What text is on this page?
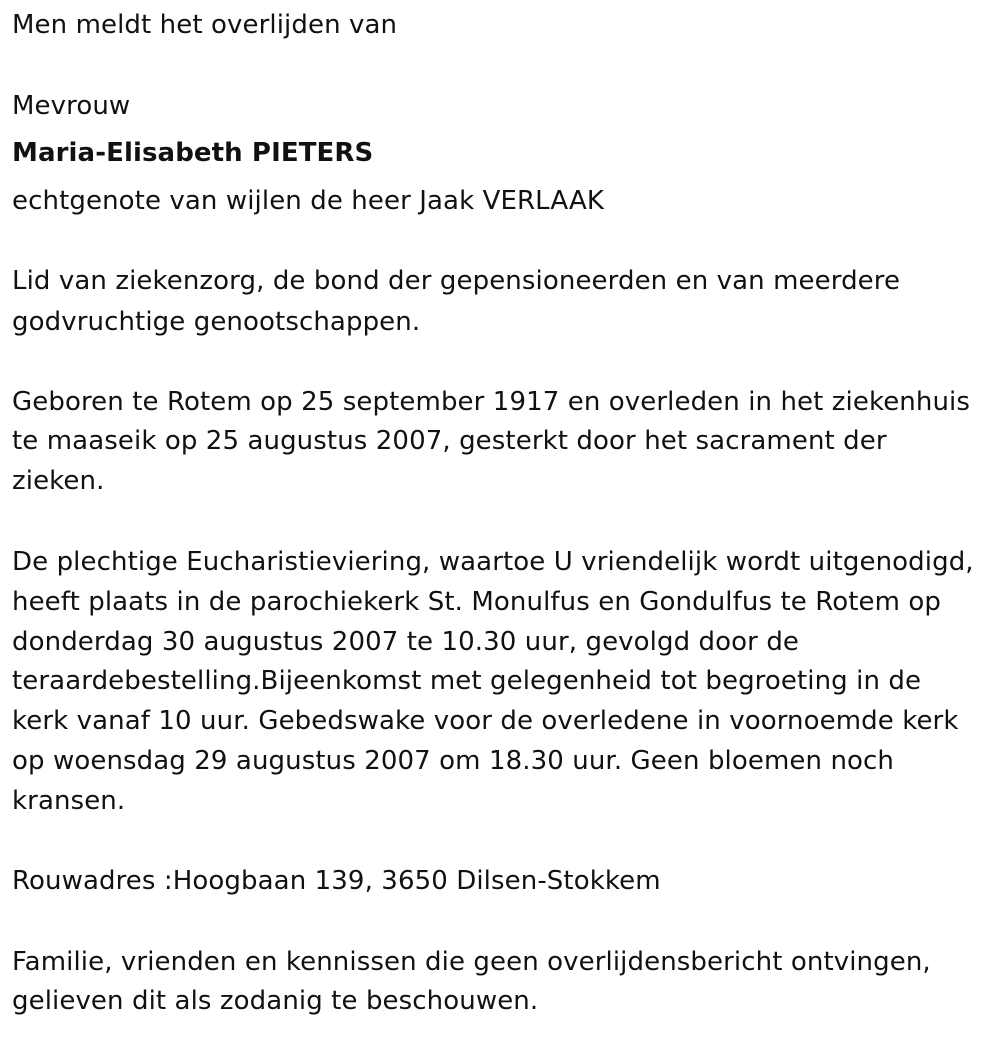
Men meldt het overlijden van
Mevrouw
Maria-Elisabeth PIETERS
echtgenote van wijlen de heer Jaak VERLAAK
Lid van ziekenzorg, de bond der gepensioneerden en van meerdere
godvruchtige genootschappen.
Geboren te Rotem op 25 september 1917 en overleden in het ziekenhuis
te maaseik op 25 augustus 2007, gesterkt door het sacrament der
zieken.
De plechtige Eucharistieviering, waartoe U vriendelijk wordt uitgenodigd,
heeft plaats in de parochiekerk St. Monulfus en Gondulfus te Rotem op
donderdag 30 augustus 2007 te 10.30 uur, gevolgd door de
teraardebestelling.Bijeenkomst met gelegenheid tot begroeting in de
kerk vanaf 10 uur. Gebedswake voor de overledene in voornoemde kerk
op woensdag 29 augustus 2007 om 18.30 uur. Geen bloemen noch
kransen.
Rouwadres :Hoogbaan 139, 3650 Dilsen-Stokkem
Familie, vrienden en kennissen die geen overlijdensbericht ontvingen,
gelieven dit als zodanig te beschouwen.
